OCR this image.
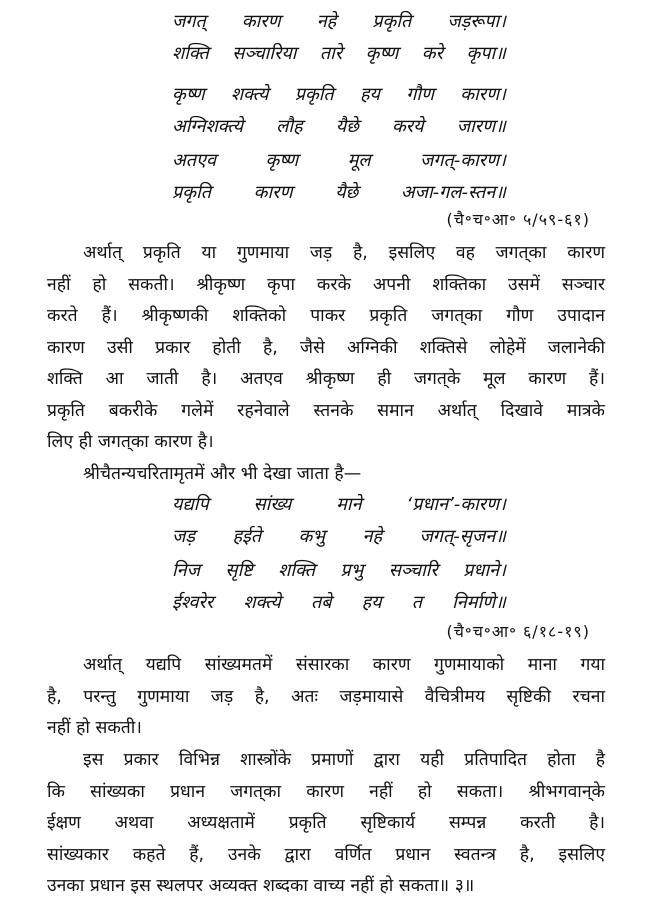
जगत् कारण नहे प्रकृति जड़रूपा।
शक्ति सञ्चारिया तारे कृष्ण करे कृपा॥
कृष्ण शक्त्ये प्रकृति हय गौण कारण।
अग्निशक्त्ये लौह यैछे करये जारण॥
अतएव	कृष्ण	मूल	जगत्-कारण।
प्रकृति कारण यैछे अजा-गल-स्तन॥
(चै॰च॰आ॰ ५/५९-६१)
अर्थात् प्रकृति या गुणमाया जड़ है, इसलिए वह जगत्‌का कारण
नहीं हो सकती। श्रीकृष्ण कृपा करके अपनी शक्तिका उसमें सञ्चार
करते हैं। श्रीकृष्णकी शक्तिको पाकर प्रकृति जगत्‌का गौण उपादान
कारण उसी प्रकार होती है, जैसे अग्निकी शक्तिसे लोहेमें जलानेकी
शक्ति आ जाती है। अतएव श्रीकृष्ण ही जगत्‌के मूल कारण हैं।
प्रकृति बकरीके गलेमें रहनेवाले स्तनके समान अर्थात् दिखावे मात्रके
लिए ही जगत्‌का कारण है।
श्रीचैतन्यचरितामृतमें और भी देखा जाता है—
यद्यपि सांख्य माने ‘प्रधान’-कारण।
जड़ हईते कभु नहे जगत्-सृजन॥
निज सृष्टि शक्ति प्रभु सञ्चारि प्रधाने।
ईश्वरेर शक्त्ये तबे हय त निर्माणे॥
(चै॰च॰आ॰ ६/१८-१९)
अर्थात् यद्यपि सांख्यमतमें संसारका कारण गुणमायाको माना गया
है, परन्तु गुणमाया जड़ है, अतः जड़मायासे वैचित्रीमय सृष्टिकी रचना
नहीं हो सकती।
इस प्रकार विभिन्न शास्त्रोंके प्रमाणों द्वारा यही प्रतिपादित होता है
कि सांख्यका प्रधान जगत्‌का कारण नहीं हो सकता। श्रीभगवान्‌के
ईक्षण अथवा अध्यक्षतामें प्रकृति सृष्टिकार्य सम्पन्न करती है।
सांख्यकार कहते हैं, उनके द्वारा वर्णित प्रधान स्वतन्त्र है, इसलिए
उनका प्रधान इस स्थलपर अव्यक्त शब्दका वाच्य नहीं हो सकता॥ ३॥
